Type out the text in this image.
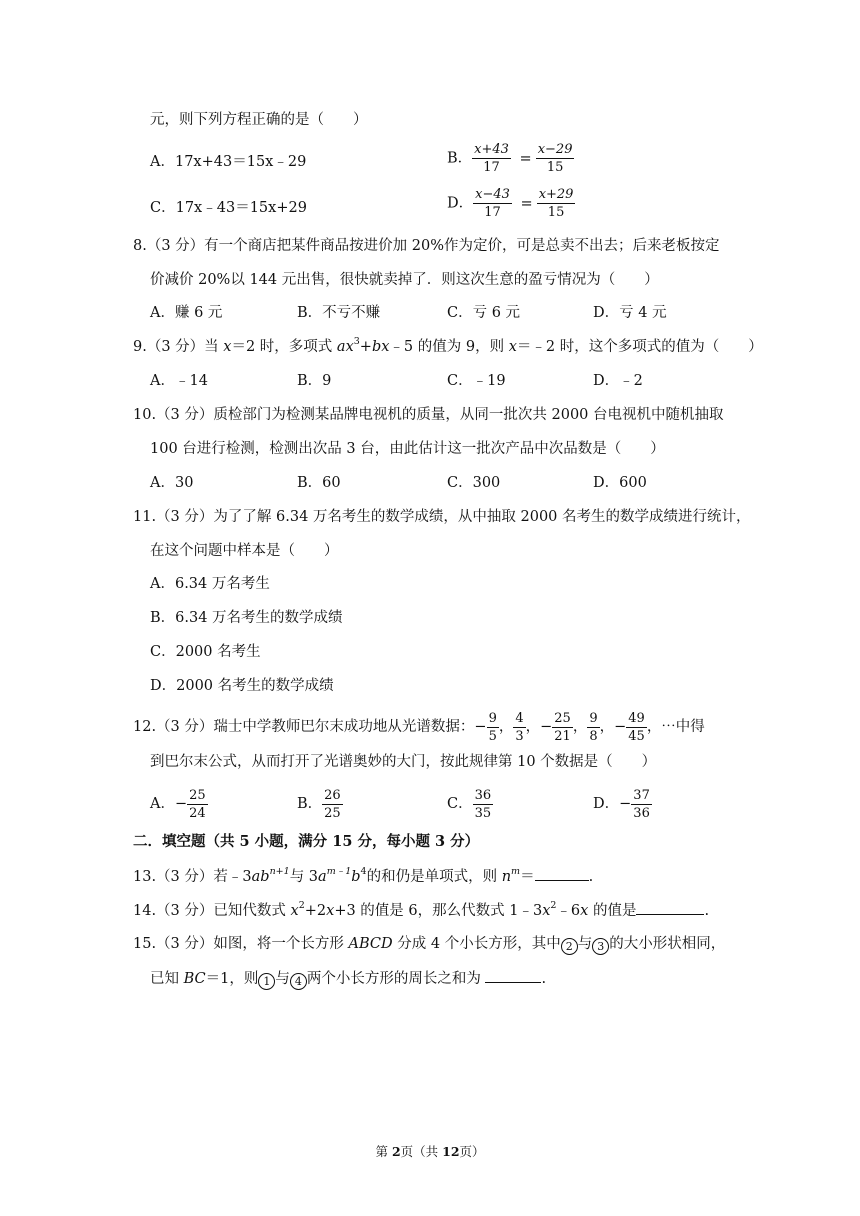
元，则下列方程正确的是（　　）
A．17x+43＝15x﹣29	B． $\frac{x+43}{17} = \frac{x-29}{15}$
C．17x﹣43＝15x+29	D． $\frac{x-43}{17} = \frac{x+29}{15}$
8.（3 分）有一个商店把某件商品按进价加 20%作为定价，可是总卖不出去；后来老板按定
价减价 20%以 144 元出售，很快就卖掉了．则这次生意的盈亏情况为（　　）
A．赚 6 元	B．不亏不赚	C．亏 6 元	D．亏 4 元
9.（3 分）当 x＝2 时，多项式 $ax^3+bx﹣5$ 的值为 9，则 x＝﹣2 时，这个多项式的值为（　　）
A．﹣14	B．9	C．﹣19	D．﹣2
10.（3 分）质检部门为检测某品牌电视机的质量，从同一批次共 2000 台电视机中随机抽取
100 台进行检测，检测出次品 3 台，由此估计这一批次产品中次品数是（　　）
A．30	B．60	C．300	D．600
11.（3 分）为了了解 6.34 万名考生的数学成绩，从中抽取 2000 名考生的数学成绩进行统计，
在这个问题中样本是（　　）
A．6.34 万名考生
B．6.34 万名考生的数学成绩
C．2000 名考生
D．2000 名考生的数学成绩
12.（3 分）瑞士中学教师巴尔末成功地从光谱数据：− $\frac{9}{5}$ ， $\frac{4}{3}$ ，− $\frac{25}{21}$ ， $\frac{9}{8}$ ，− $\frac{49}{45}$ ，⋯中得
到巴尔末公式，从而打开了光谱奥妙的大门，按此规律第 10 个数据是（　　）
A．− $\frac{25}{24}$	B． $\frac{26}{25}$	C． $\frac{36}{35}$	D．− $\frac{37}{36}$
二．填空题（共 5 小题，满分 15 分，每小题 3 分）
13.（3 分）若$﹣3ab^{n+1}$与 $3a^{m﹣1}b^4$的和仍是单项式，则 $n^m=$	.
14.（3 分）已知代数式 $x^2+2x+3$ 的值是 6，那么代数式 $1﹣3x^2﹣6x$ 的值是	.
15.（3 分）如图，将一个长方形 ABCD 分成 4 个小长方形，其中 2 与 3 的大小形状相同，
已知 BC＝1，则 1 与 4 两个小长方形的周长之和为	.
第 2页（共 12页）
